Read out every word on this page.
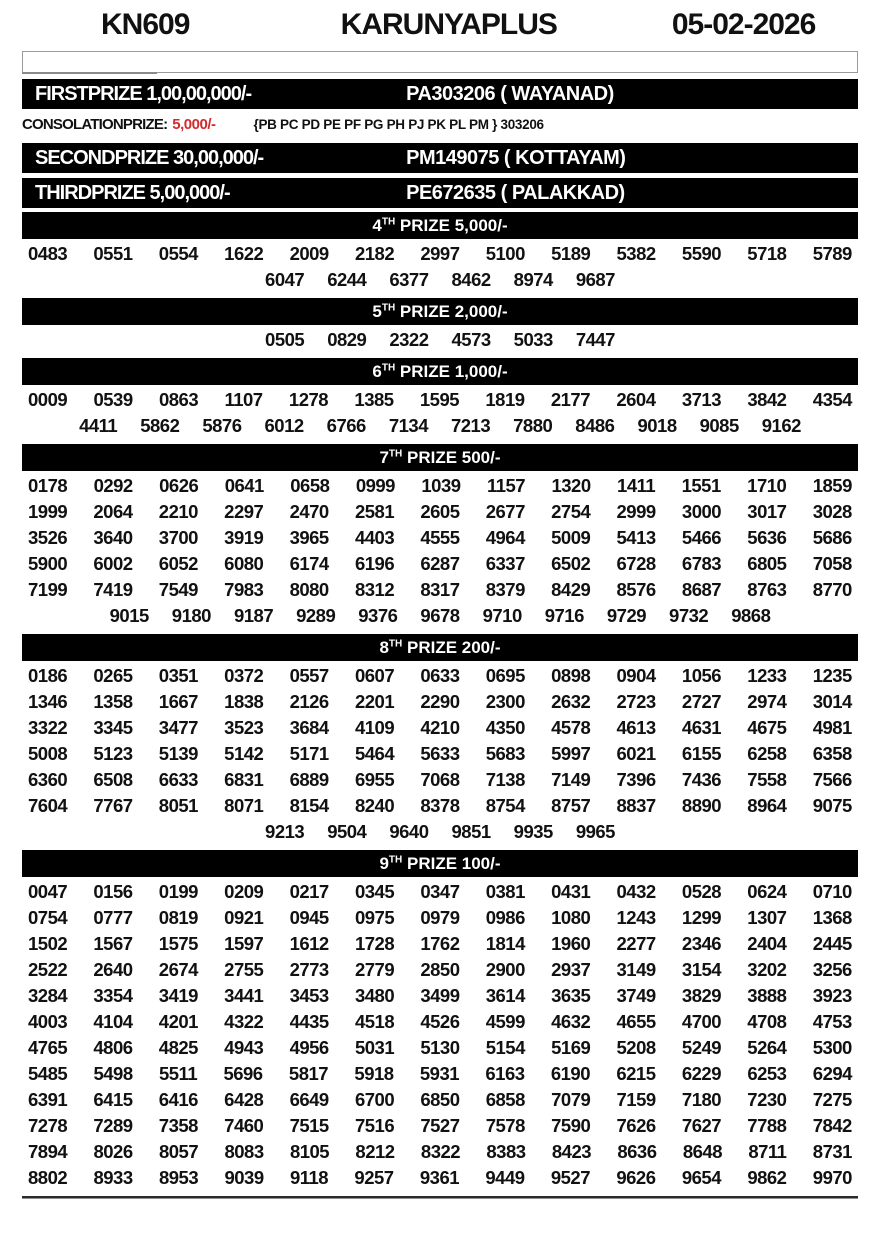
KN609	KARUNYAPLUS	05-02-2026
FIRSTPRIZE 1,00,00,000/-	PA303206 ( WAYANAD)
CONSOLATIONPRIZE: 5,000/-	{PB PC PD PE PF PG PH PJ PK PL PM } 303206
SECONDPRIZE 30,00,000/-	PM149075 ( KOTTAYAM)
THIRDPRIZE 5,00,000/-	PE672635 ( PALAKKAD)
4TH PRIZE 5,000/-
0483 0551 0554 1622 2009 2182 2997 5100 5189 5382 5590 5718 5789
6047 6244 6377 8462 8974 9687
5TH PRIZE 2,000/-
0505 0829 2322 4573 5033 7447
6TH PRIZE 1,000/-
0009 0539 0863 1107 1278 1385 1595 1819 2177 2604 3713 3842 4354
4411 5862 5876 6012 6766 7134 7213 7880 8486 9018 9085 9162
7TH PRIZE 500/-
0178 0292 0626 0641 0658 0999 1039 1157 1320 1411 1551 1710 1859
1999 2064 2210 2297 2470 2581 2605 2677 2754 2999 3000 3017 3028
3526 3640 3700 3919 3965 4403 4555 4964 5009 5413 5466 5636 5686
5900 6002 6052 6080 6174 6196 6287 6337 6502 6728 6783 6805 7058
7199 7419 7549 7983 8080 8312 8317 8379 8429 8576 8687 8763 8770
9015 9180 9187 9289 9376 9678 9710 9716 9729 9732 9868
8TH PRIZE 200/-
0186 0265 0351 0372 0557 0607 0633 0695 0898 0904 1056 1233 1235
1346 1358 1667 1838 2126 2201 2290 2300 2632 2723 2727 2974 3014
3322 3345 3477 3523 3684 4109 4210 4350 4578 4613 4631 4675 4981
5008 5123 5139 5142 5171 5464 5633 5683 5997 6021 6155 6258 6358
6360 6508 6633 6831 6889 6955 7068 7138 7149 7396 7436 7558 7566
7604 7767 8051 8071 8154 8240 8378 8754 8757 8837 8890 8964 9075
9213 9504 9640 9851 9935 9965
9TH PRIZE 100/-
0047 0156 0199 0209 0217 0345 0347 0381 0431 0432 0528 0624 0710
0754 0777 0819 0921 0945 0975 0979 0986 1080 1243 1299 1307 1368
1502 1567 1575 1597 1612 1728 1762 1814 1960 2277 2346 2404 2445
2522 2640 2674 2755 2773 2779 2850 2900 2937 3149 3154 3202 3256
3284 3354 3419 3441 3453 3480 3499 3614 3635 3749 3829 3888 3923
4003 4104 4201 4322 4435 4518 4526 4599 4632 4655 4700 4708 4753
4765 4806 4825 4943 4956 5031 5130 5154 5169 5208 5249 5264 5300
5485 5498 5511 5696 5817 5918 5931 6163 6190 6215 6229 6253 6294
6391 6415 6416 6428 6649 6700 6850 6858 7079 7159 7180 7230 7275
7278 7289 7358 7460 7515 7516 7527 7578 7590 7626 7627 7788 7842
7894 8026 8057 8083 8105 8212 8322 8383 8423 8636 8648 8711 8731
8802 8933 8953 9039 9118 9257 9361 9449 9527 9626 9654 9862 9970
